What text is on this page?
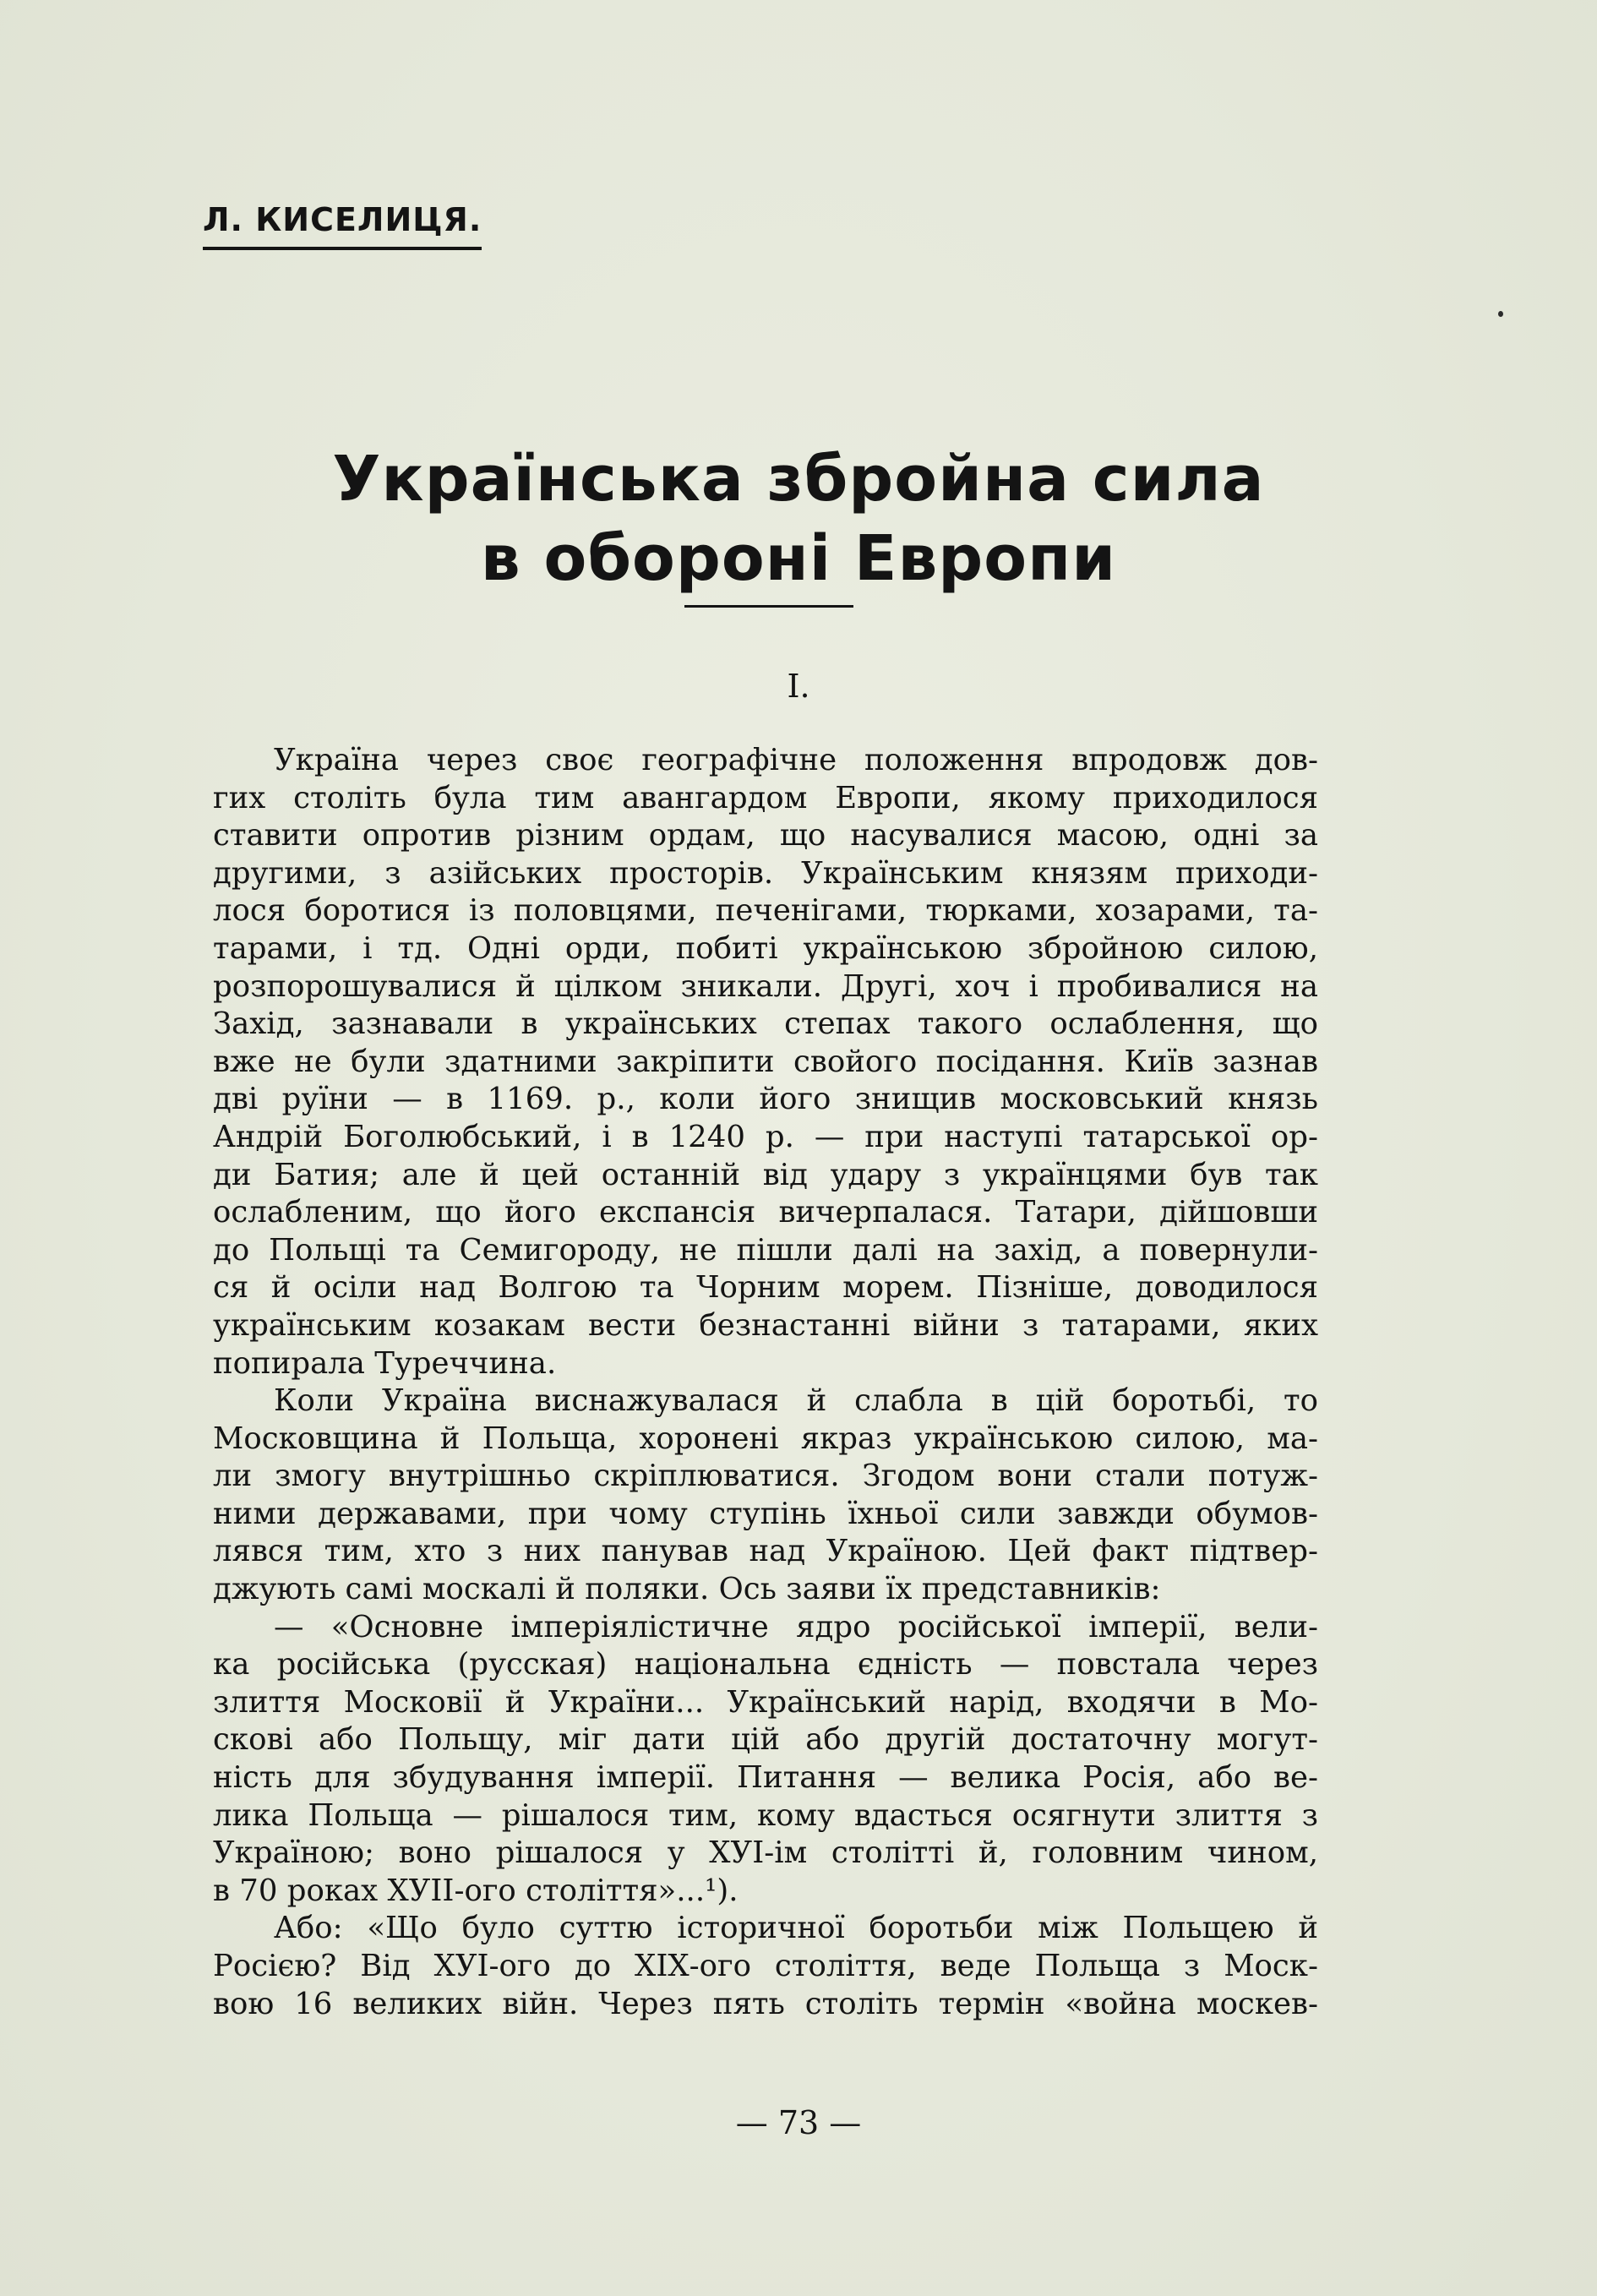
Л. КИСЕЛИЦЯ.
Українська збройна сила
в обороні Европи
I.
Україна через своє географічне положення впродовж дов-
гих століть була тим авангардом Европи, якому приходилося
ставити опротив різним ордам, що насувалися масою, одні за
другими, з азійських просторів. Українським князям приходи-
лося боротися із половцями, печенігами, тюрками, хозарами, та-
тарами, і тд. Одні орди, побиті українською збройною силою,
розпорошувалися й цілком зникали. Другі, хоч і пробивалися на
Захід, зазнавали в українських степах такого ослаблення, що
вже не були здатними закріпити свойого посідання. Київ зазнав
дві руїни — в 1169. р., коли його знищив московський князь
Андрій Боголюбський, і в 1240 р. — при наступі татарської ор-
ди Батия; але й цей останній від удару з українцями був так
ослабленим, що його експансія вичерпалася. Татари, дійшовши
до Польщі та Семигороду, не пішли далі на захід, а повернули-
ся й осіли над Волгою та Чорним морем. Пізніше, доводилося
українським козакам вести безнастанні війни з татарами, яких
попирала Туреччина.
Коли Україна виснажувалася й слабла в цій боротьбі, то
Московщина й Польща, хоронені якраз українською силою, ма-
ли змогу внутрішньо скріплюватися. Згодом вони стали потуж-
ними державами, при чому ступінь їхньої сили завжди обумов-
лявся тим, хто з них панував над Україною. Цей факт підтвер-
джують самі москалі й поляки. Ось заяви їх представників:
— «Основне імперіялістичне ядро російської імперії, вели-
ка російська (русская) національна єдність — повстала через
злиття Московії й України... Український нарід, входячи в Мо-
скові або Польщу, міг дати цій або другій достаточну могут-
ність для збудування імперії. Питання — велика Росія, або ве-
лика Польща — рішалося тим, кому вдасться осягнути злиття з
Україною; воно рішалося у ХУІ-ім столітті й, головним чином,
в 70 роках ХУІІ-ого століття»...¹).
Або: «Що було суттю історичної боротьби між Польщею й
Росією? Від ХУІ-ого до ХІХ-ого століття, веде Польща з Моск-
вою 16 великих війн. Через пять століть термін «война москев-
— 73 —
